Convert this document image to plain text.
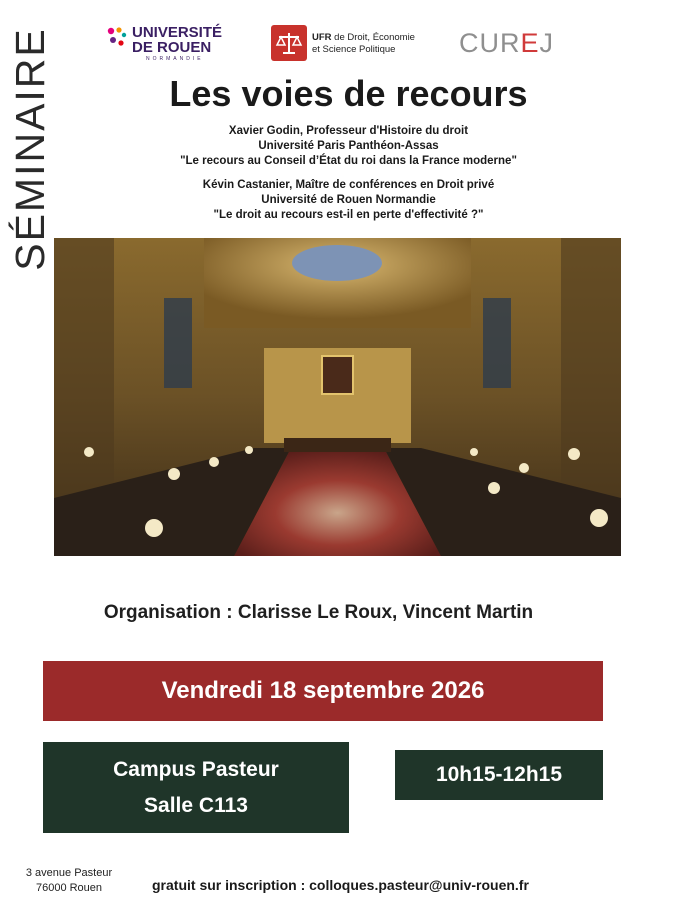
SÉMINAIRE	UNIVERSITÉ
DE ROUEN
NORMANDIE
UFR de Droit, Économie
et Science Politique	CUREJ
Les voies de recours
Xavier Godin, Professeur d'Histoire du droit
Université Paris Panthéon-Assas
"Le recours au Conseil d’État du roi dans la France moderne"
Kévin Castanier, Maître de conférences en Droit privé
Université de Rouen Normandie
"Le droit au recours est-il en perte d'effectivité ?"
Première chambre civile de la Cour de cassation
Organisation : Clarisse Le Roux, Vincent Martin
Vendredi 18 septembre 2026
Campus Pasteur
Salle C113
10h15-12h15
3 avenue Pasteur
76000 Rouen	gratuit sur inscription : colloques.pasteur@univ-rouen.fr
